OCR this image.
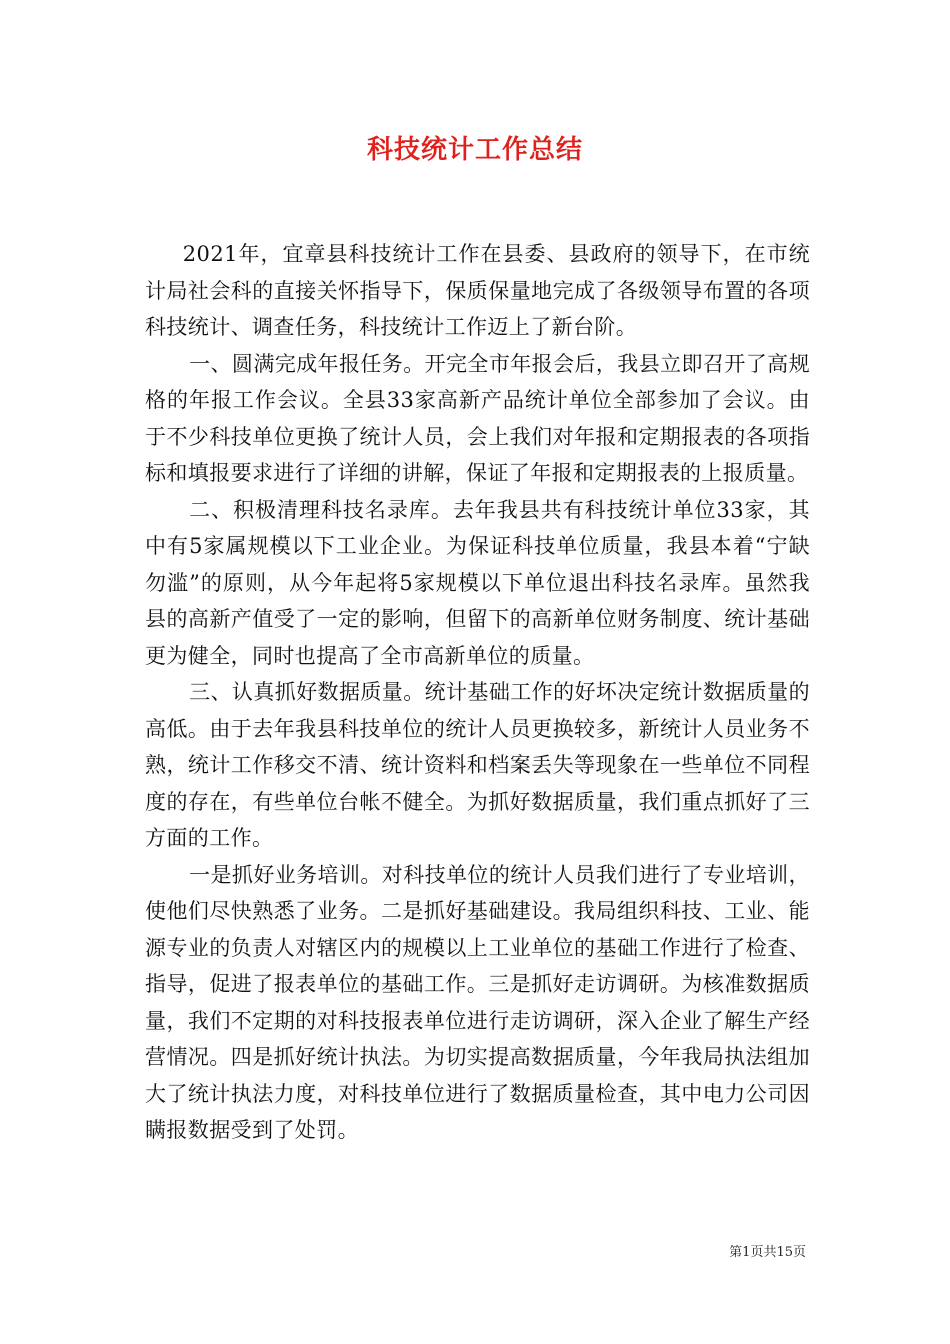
科技统计工作总结

2021年，宜章县科技统计工作在县委、县政府的领导下，在市统计局社会科的直接关怀指导下，保质保量地完成了各级领导布置的各项科技统计、调查任务，科技统计工作迈上了新台阶。

一、圆满完成年报任务。开完全市年报会后，我县立即召开了高规格的年报工作会议。全县33家高新产品统计单位全部参加了会议。由于不少科技单位更换了统计人员，会上我们对年报和定期报表的各项指标和填报要求进行了详细的讲解，保证了年报和定期报表的上报质量。

二、积极清理科技名录库。去年我县共有科技统计单位33家，其中有5家属规模以下工业企业。为保证科技单位质量，我县本着“宁缺勿滥”的原则，从今年起将5家规模以下单位退出科技名录库。虽然我县的高新产值受了一定的影响，但留下的高新单位财务制度、统计基础更为健全，同时也提高了全市高新单位的质量。

三、认真抓好数据质量。统计基础工作的好坏决定统计数据质量的高低。由于去年我县科技单位的统计人员更换较多，新统计人员业务不熟，统计工作移交不清、统计资料和档案丢失等现象在一些单位不同程度的存在，有些单位台帐不健全。为抓好数据质量，我们重点抓好了三方面的工作。

一是抓好业务培训。对科技单位的统计人员我们进行了专业培训，使他们尽快熟悉了业务。二是抓好基础建设。我局组织科技、工业、能源专业的负责人对辖区内的规模以上工业单位的基础工作进行了检查、指导，促进了报表单位的基础工作。三是抓好走访调研。为核准数据质量，我们不定期的对科技报表单位进行走访调研，深入企业了解生产经营情况。四是抓好统计执法。为切实提高数据质量，今年我局执法组加大了统计执法力度，对科技单位进行了数据质量检查，其中电力公司因瞒报数据受到了处罚。

第1页共15页
